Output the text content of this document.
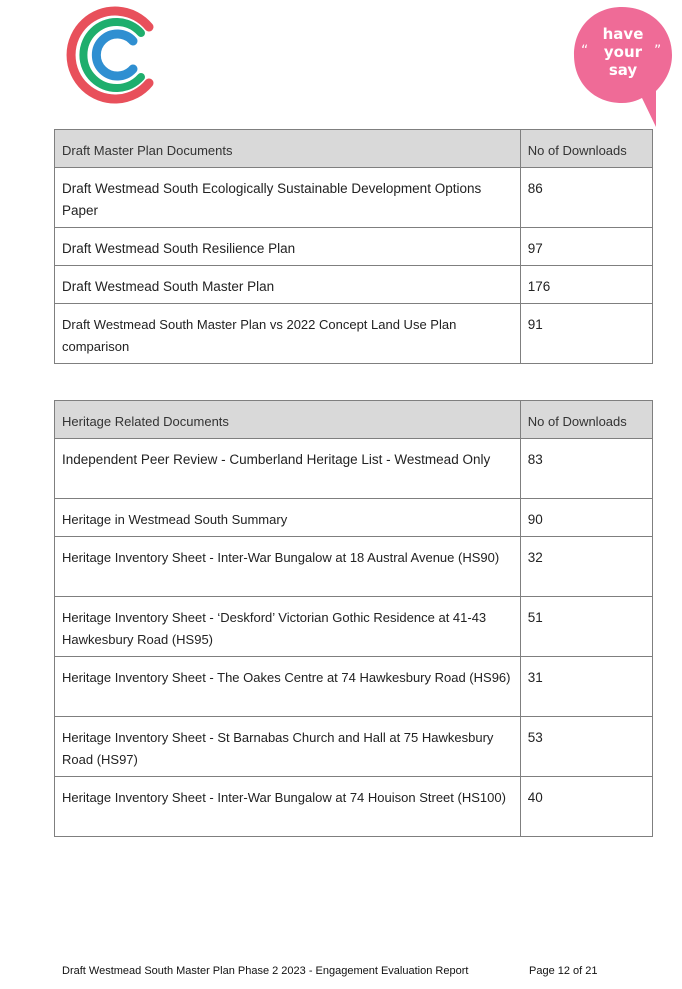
have
your
say
“	”
Draft Master Plan Documents	No of Downloads

Draft Westmead South Ecologically Sustainable Development Options Paper	86

Draft Westmead South Resilience Plan	97

Draft Westmead South Master Plan	176

Draft Westmead South Master Plan vs 2022 Concept Land Use Plan comparison	91
Heritage Related Documents	No of Downloads

Independent Peer Review - Cumberland Heritage List - Westmead Only	83

Heritage in Westmead South Summary	90

Heritage Inventory Sheet - Inter-War Bungalow at 18 Austral Avenue (HS90)	32

Heritage Inventory Sheet - ‘Deskford’ Victorian Gothic Residence at 41-43 Hawkesbury Road (HS95)	51

Heritage Inventory Sheet - The Oakes Centre at 74 Hawkesbury Road (HS96)	31

Heritage Inventory Sheet - St Barnabas Church and Hall at 75 Hawkesbury Road (HS97)	53

Heritage Inventory Sheet - Inter-War Bungalow at 74 Houison Street (HS100)	40
Draft Westmead South Master Plan Phase 2 2023 - Engagement Evaluation Report	Page 12 of 21
